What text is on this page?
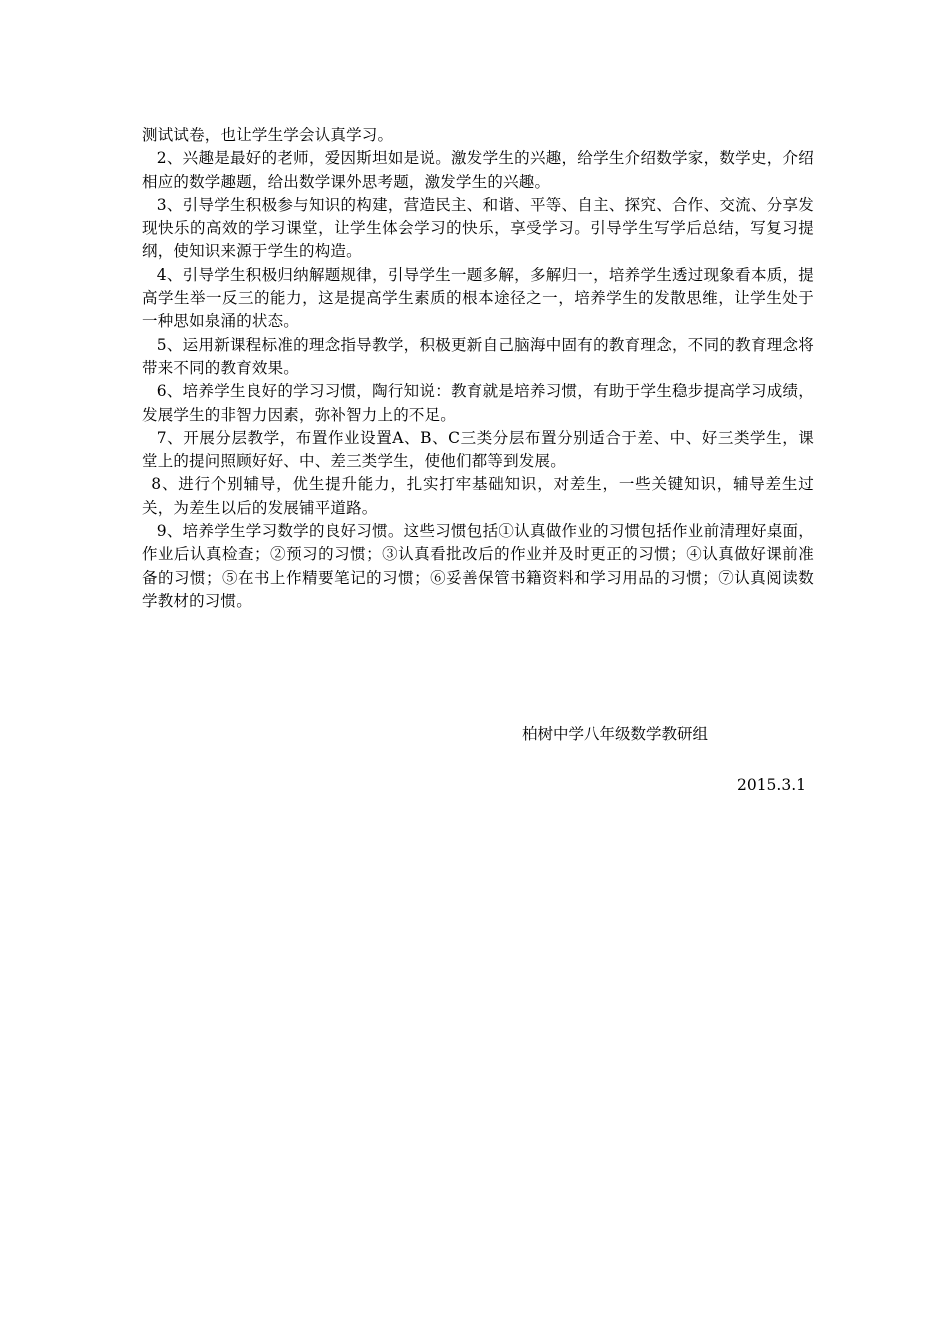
测试试卷，也让学生学会认真学习。

2、兴趣是最好的老师，爱因斯坦如是说。激发学生的兴趣，给学生介绍数学家，数学史，介绍相应的数学趣题，给出数学课外思考题，激发学生的兴趣。

3、引导学生积极参与知识的构建，营造民主、和谐、平等、自主、探究、合作、交流、分享发现快乐的高效的学习课堂，让学生体会学习的快乐，享受学习。引导学生写学后总结，写复习提纲，使知识来源于学生的构造。

4、引导学生积极归纳解题规律，引导学生一题多解，多解归一，培养学生透过现象看本质，提高学生举一反三的能力，这是提高学生素质的根本途径之一，培养学生的发散思维，让学生处于一种思如泉涌的状态。

5、运用新课程标准的理念指导教学，积极更新自己脑海中固有的教育理念，不同的教育理念将带来不同的教育效果。

6、培养学生良好的学习习惯，陶行知说：教育就是培养习惯，有助于学生稳步提高学习成绩，发展学生的非智力因素，弥补智力上的不足。

7、开展分层教学，布置作业设置A、B、C三类分层布置分别适合于差、中、好三类学生，课堂上的提问照顾好好、中、差三类学生，使他们都等到发展。

8、进行个别辅导，优生提升能力，扎实打牢基础知识，对差生，一些关键知识，辅导差生过关，为差生以后的发展铺平道路。

9、培养学生学习数学的良好习惯。这些习惯包括①认真做作业的习惯包括作业前清理好桌面，作业后认真检查；②预习的习惯；③认真看批改后的作业并及时更正的习惯；④认真做好课前准备的习惯；⑤在书上作精要笔记的习惯；⑥妥善保管书籍资料和学习用品的习惯；⑦认真阅读数学教材的习惯。

柏树中学八年级数学教研组
2015.3.1
